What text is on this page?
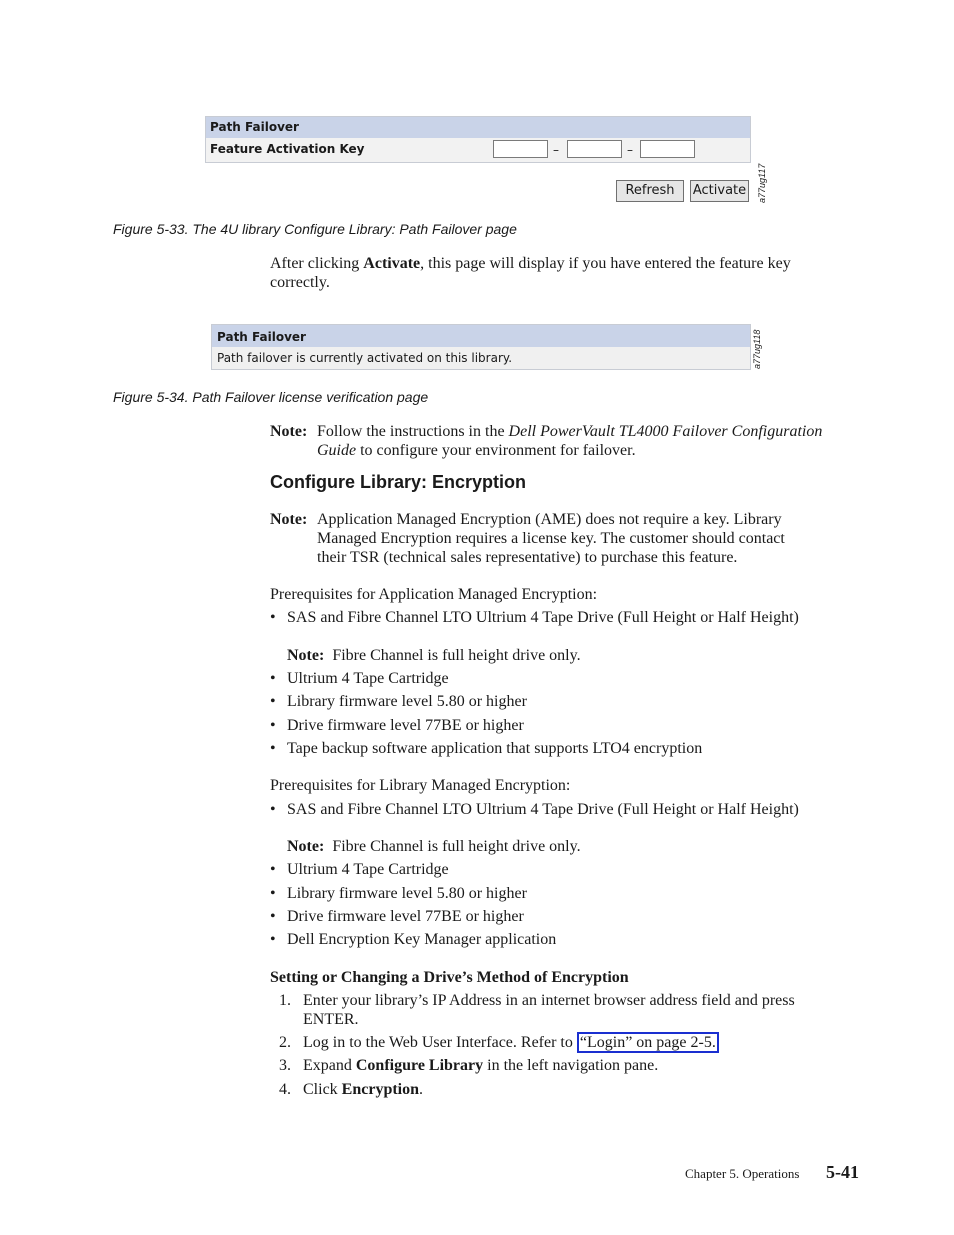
Path Failover
Feature Activation Key	–	–
Refresh	Activate	a77ug117
Figure 5-33. The 4U library Configure Library: Path Failover page
After clicking Activate, this page will display if you have entered the feature key
correctly.
Path Failover
Path failover is currently activated on this library.	a77ug118
Figure 5-34. Path Failover license verification page
Note: Follow the instructions in the Dell PowerVault TL4000 Failover Configuration
Guide to configure your environment for failover.
Configure Library: Encryption
Note: Application Managed Encryption (AME) does not require a key. Library
Managed Encryption requires a license key. The customer should contact
their TSR (technical sales representative) to purchase this feature.
Prerequisites for Application Managed Encryption:
• SAS and Fibre Channel LTO Ultrium 4 Tape Drive (Full Height or Half Height)
Note: Fibre Channel is full height drive only.
• Ultrium 4 Tape Cartridge
• Library firmware level 5.80 or higher
• Drive firmware level 77BE or higher
• Tape backup software application that supports LTO4 encryption
Prerequisites for Library Managed Encryption:
• SAS and Fibre Channel LTO Ultrium 4 Tape Drive (Full Height or Half Height)
Note: Fibre Channel is full height drive only.
• Ultrium 4 Tape Cartridge
• Library firmware level 5.80 or higher
• Drive firmware level 77BE or higher
• Dell Encryption Key Manager application
Setting or Changing a Drive’s Method of Encryption
1. Enter your library’s IP Address in an internet browser address field and press
ENTER.
2. Log in to the Web User Interface. Refer to “Login” on page 2-5.
3. Expand Configure Library in the left navigation pane.
4. Click Encryption.
Chapter 5. Operations 5-41
